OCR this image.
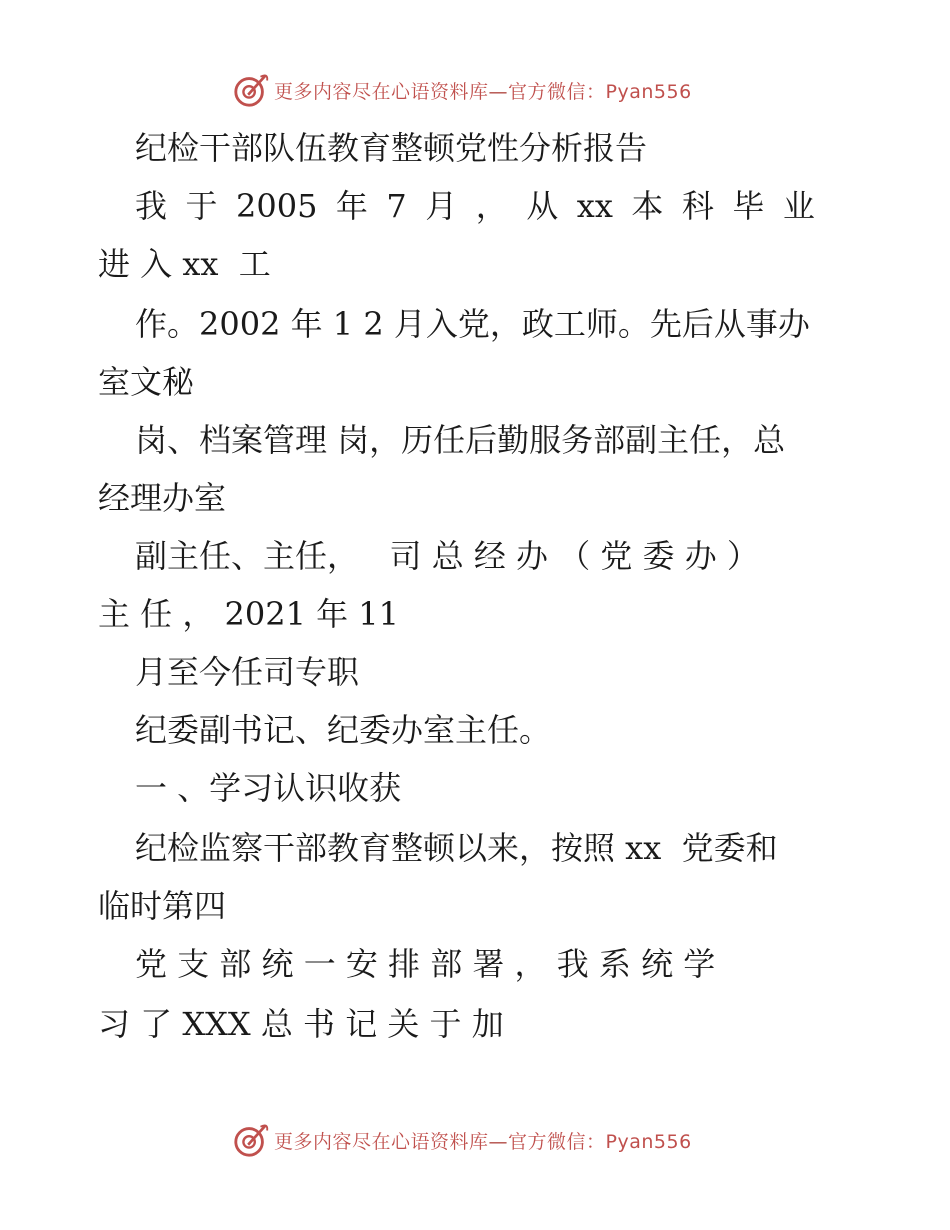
更多内容尽在心语资料库—官方微信：Pyan556
纪检干部队伍教育整顿党性分析报告
我 于 2005 年 7 月 ， 从 xx 本 科 毕 业
进 入 xx  工
作。2002 年 1 2 月入党，政工师。先后从事办
室文秘
岗、档案管理 岗，历任后勤服务部副主任，总
经理办室
副主任、主任，   司 总 经 办 （ 党 委 办 ）
主 任 ， 2021 年 11
月至今任司专职
纪委副书记、纪委办室主任。
一 、学习认识收获
纪检监察干部教育整顿以来，按照 xx  党委和
临时第四
党 支 部 统 一 安 排 部 署 ， 我 系 统 学
习 了 XXX 总 书 记 关 于 加
更多内容尽在心语资料库—官方微信：Pyan556
